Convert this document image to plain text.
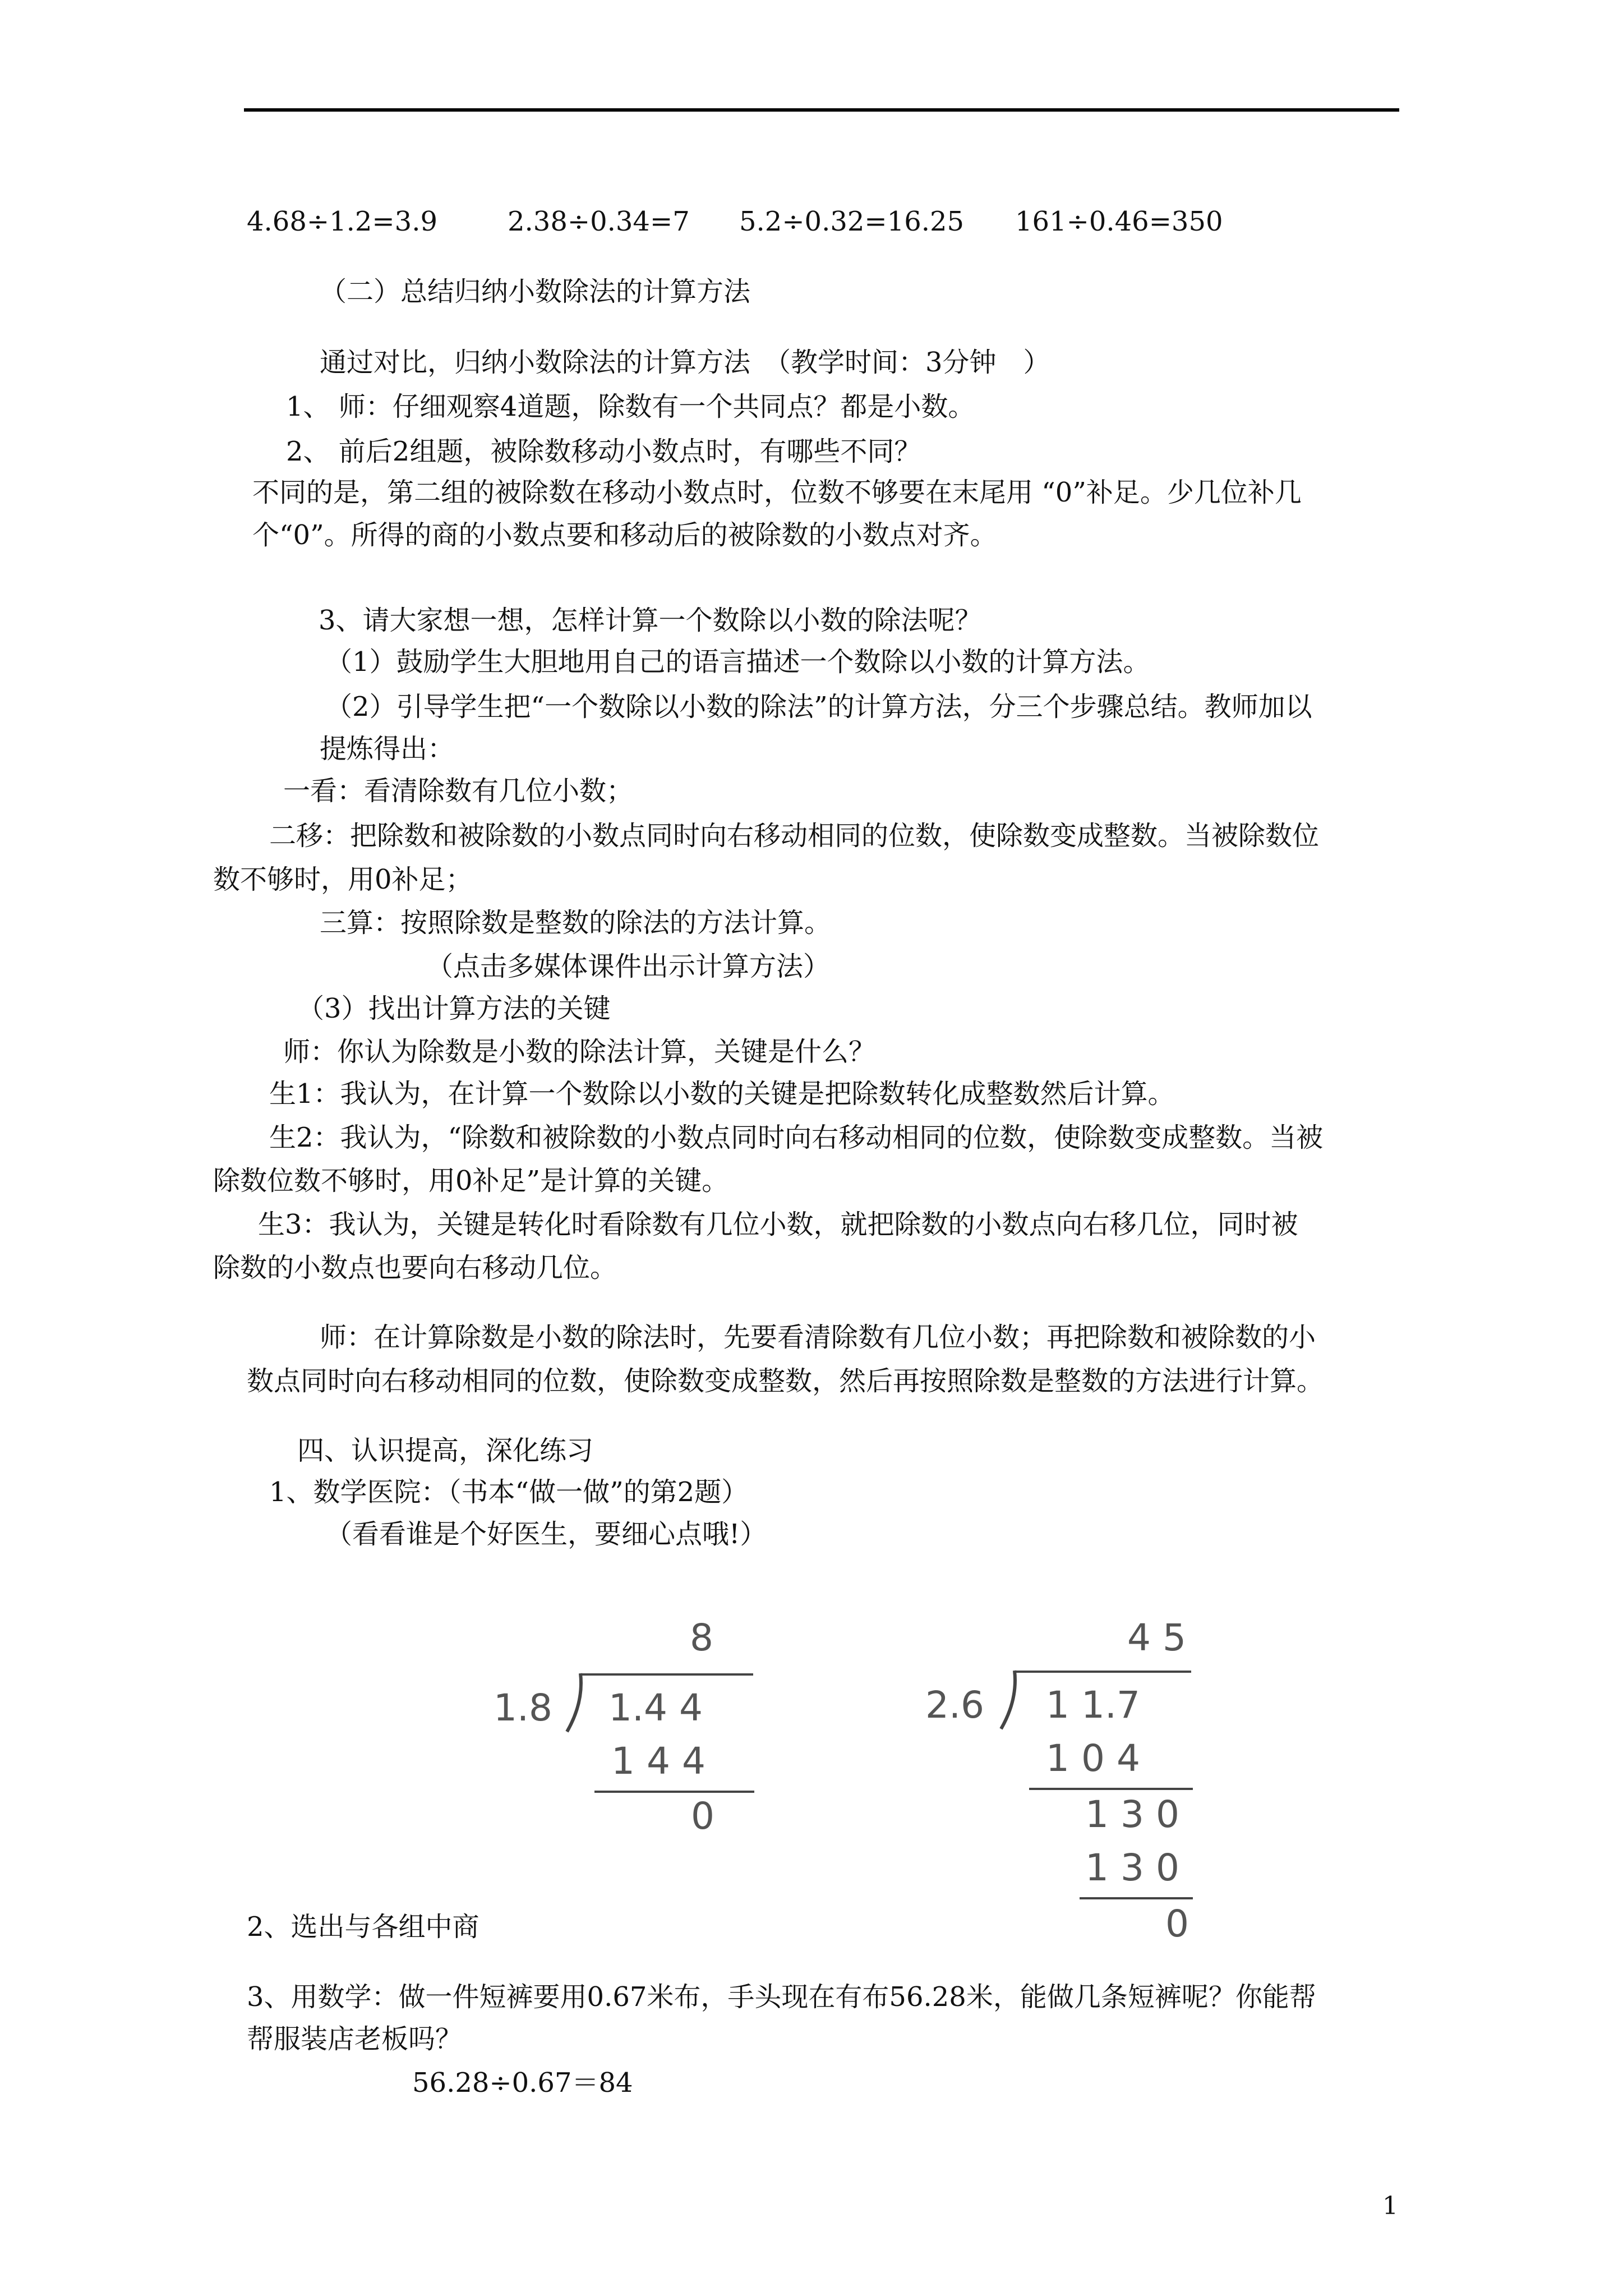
4.68÷1.2=3.9	2.38÷0.34=7 5.2÷0.32=16.25 161÷0.46=350
（二）总结归纳小数除法的计算方法
通过对比，归纳小数除法的计算方法　（教学时间：3分钟　）
1、 师：仔细观察4道题，除数有一个共同点？都是小数。
2、 前后2组题，被除数移动小数点时，有哪些不同？
不同的是，第二组的被除数在移动小数点时，位数不够要在末尾用 “0”补足。少几位补几
个“0”。所得的商的小数点要和移动后的被除数的小数点对齐。
3、请大家想一想，怎样计算一个数除以小数的除法呢？
（1）鼓励学生大胆地用自己的语言描述一个数除以小数的计算方法。
（2）引导学生把“一个数除以小数的除法”的计算方法，分三个步骤总结。教师加以
提炼得出：
一看：看清除数有几位小数；
二移：把除数和被除数的小数点同时向右移动相同的位数，使除数变成整数。当被除数位
数不够时，用0补足；
三算：按照除数是整数的除法的方法计算。
（点击多媒体课件出示计算方法）
（3）找出计算方法的关键
师：你认为除数是小数的除法计算，关键是什么？
生1：我认为，在计算一个数除以小数的关键是把除数转化成整数然后计算。
生2：我认为，“除数和被除数的小数点同时向右移动相同的位数，使除数变成整数。当被
除数位数不够时，用0补足”是计算的关键。
生3：我认为，关键是转化时看除数有几位小数，就把除数的小数点向右移几位，同时被
除数的小数点也要向右移动几位。
师：在计算除数是小数的除法时，先要看清除数有几位小数；再把除数和被除数的小
数点同时向右移动相同的位数，使除数变成整数，然后再按照除数是整数的方法进行计算。
四、认识提高，深化练习
1、数学医院：（书本“做一做”的第2题）
（看看谁是个好医生，要细心点哦!）
8
1.8 1.4 4
1 4 4
0
4 5
2.6 1 1.7
1 0 4
1 3 0
1 3 0
0
2、选出与各组中商
3、用数学：做一件短裤要用0.67米布，手头现在有布56.28米，能做几条短裤呢？你能帮
帮服装店老板吗？
56.28÷0.67＝84
1
